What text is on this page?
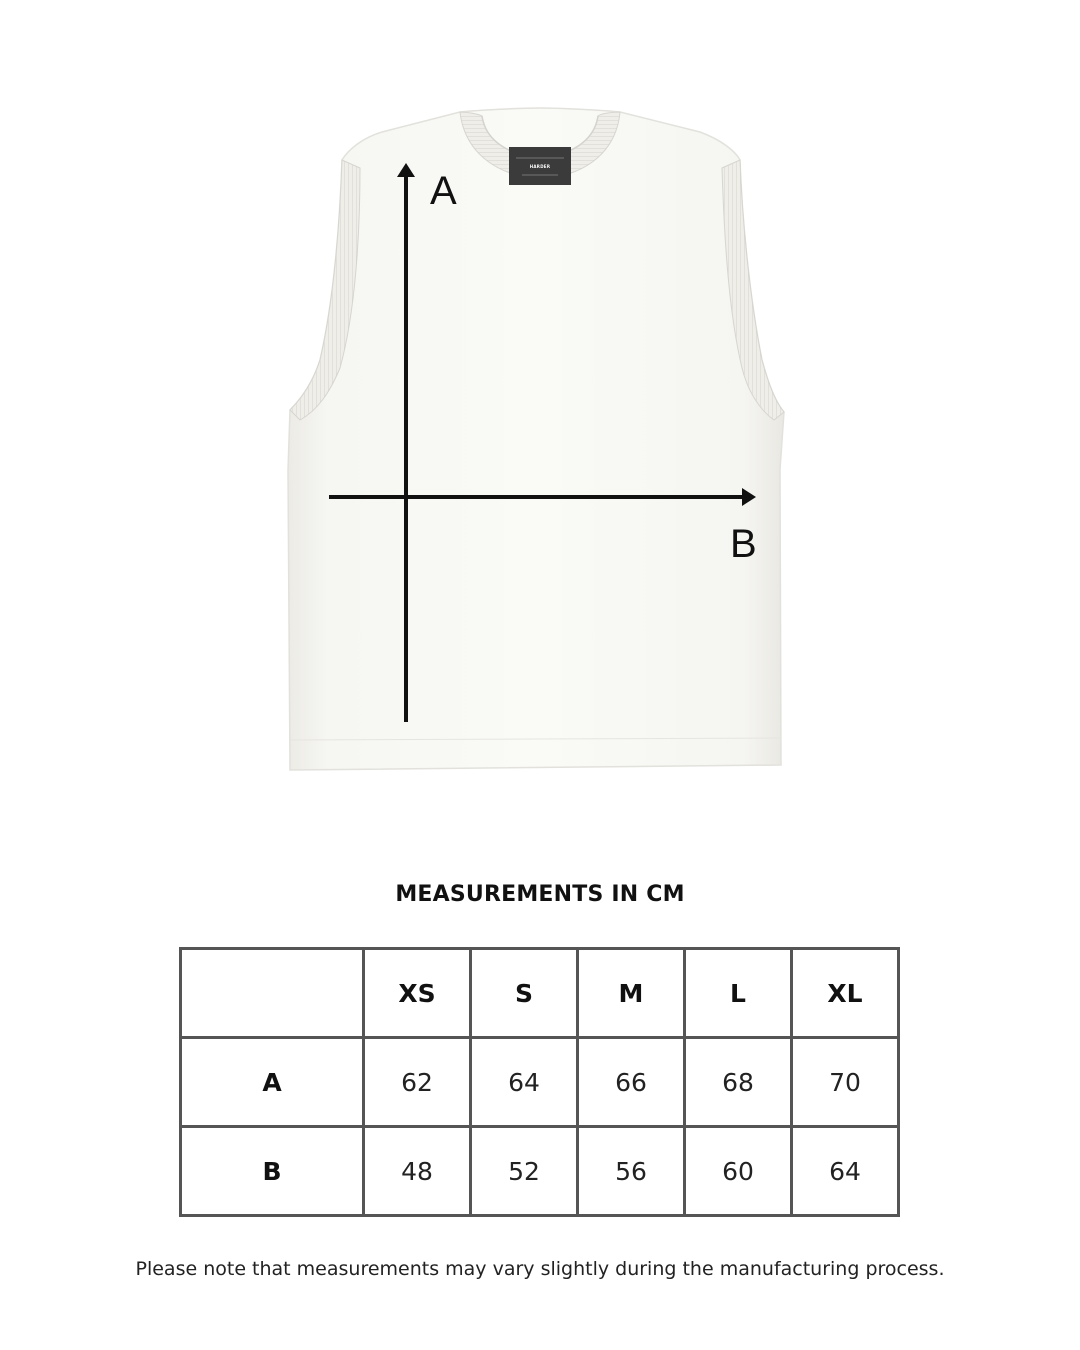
HARDER
A
B
MEASUREMENTS IN CM
	XS	S	M	L	XL
A	62	64	66	68	70
B	48	52	56	60	64
Please note that measurements may vary slightly during the manufacturing process.
